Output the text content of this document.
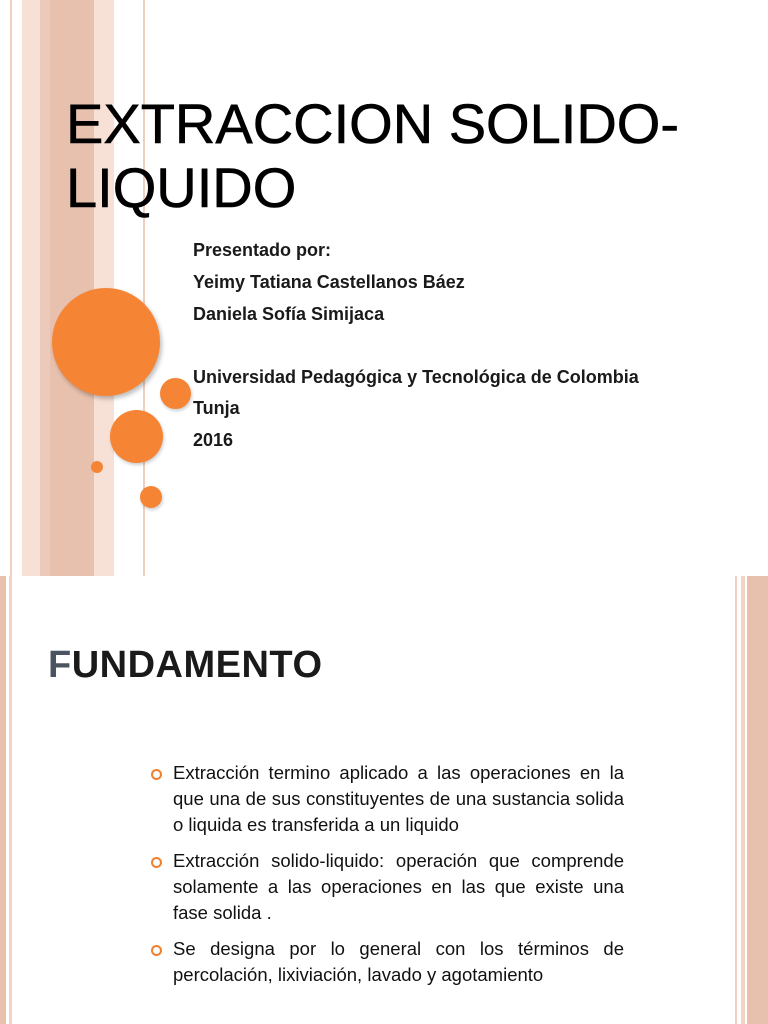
EXTRACCION SOLIDO-LIQUIDO
Presentado por:
Yeimy Tatiana Castellanos Báez
Daniela Sofía Simijaca
Universidad Pedagógica y Tecnológica de Colombia
Tunja
2016
FUNDAMENTO
Extracción termino aplicado a las operaciones en la que una de sus constituyentes de una sustancia solida o liquida es transferida a un liquido
Extracción solido-liquido: operación que comprende solamente a las operaciones en las que existe una fase solida .
Se designa por lo general con los términos de percolación, lixiviación, lavado y agotamiento
